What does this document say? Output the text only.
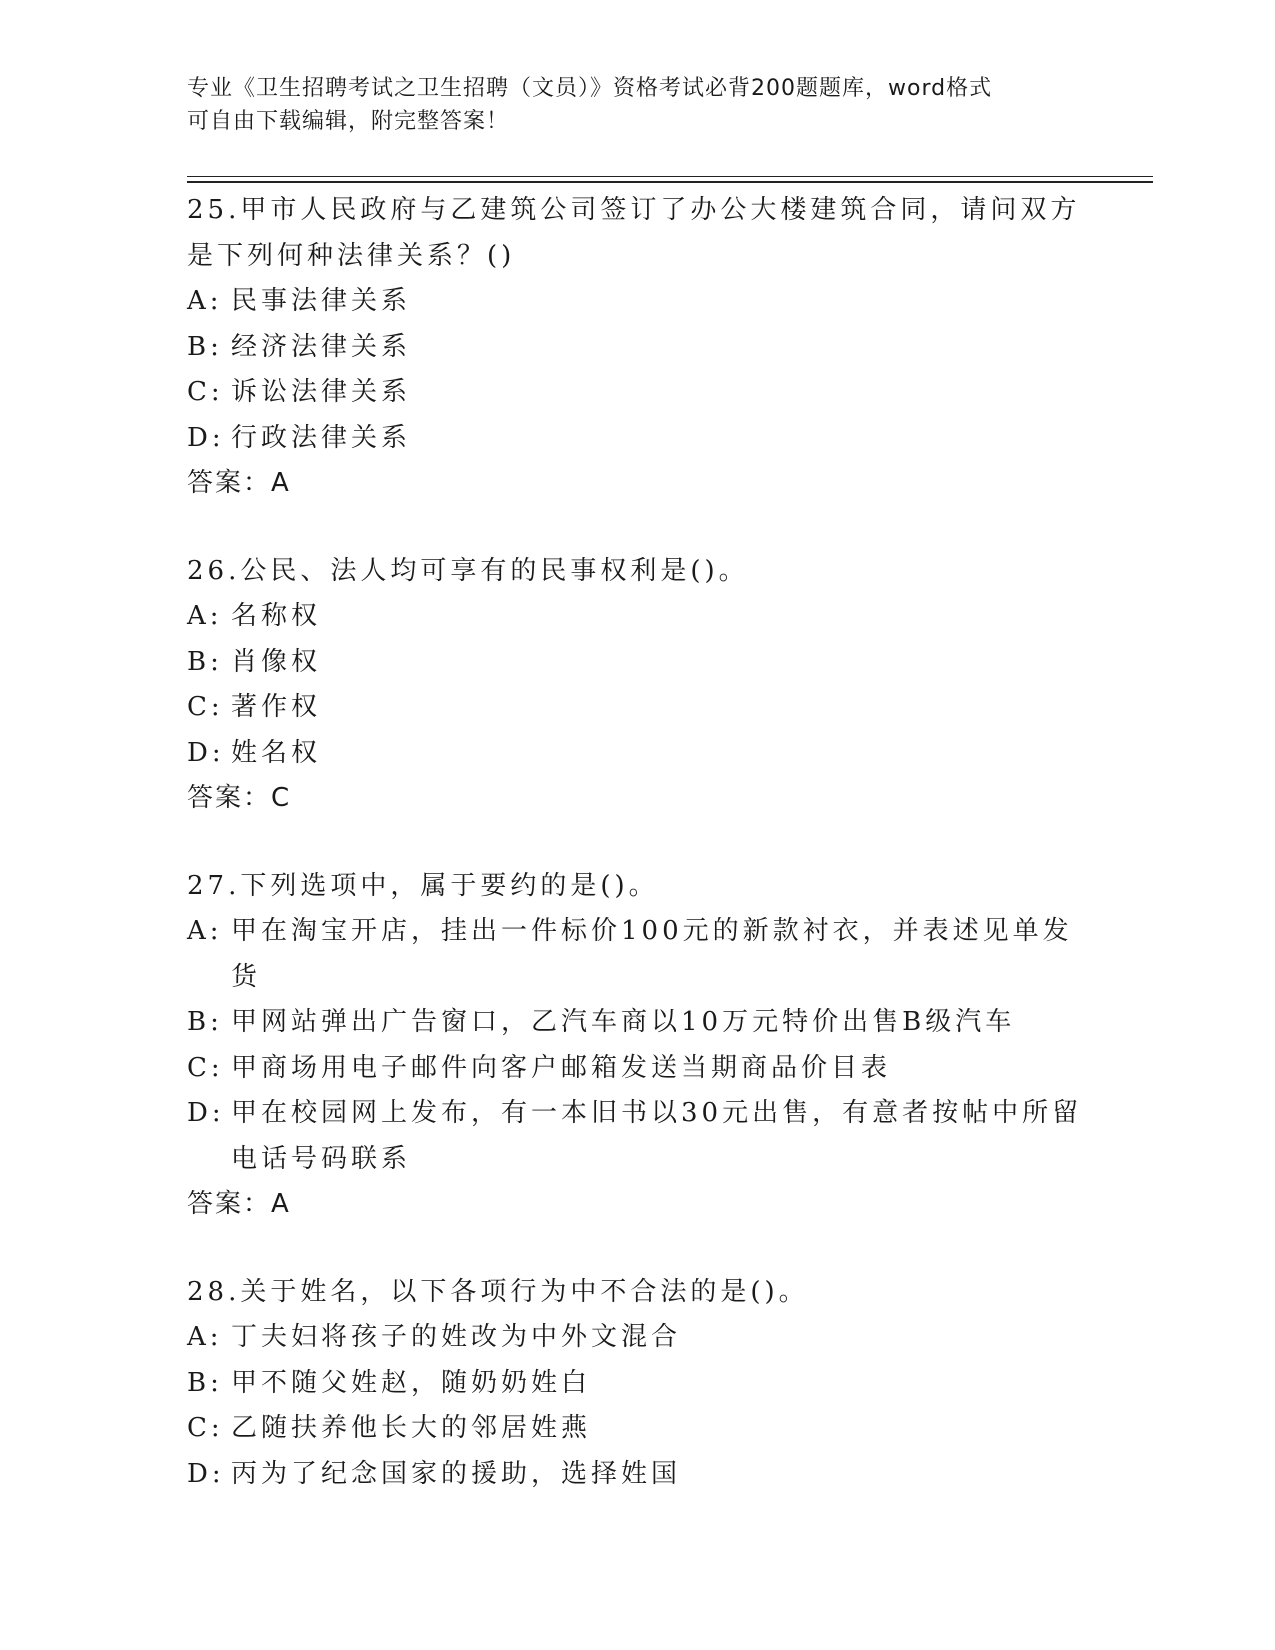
专业《卫生招聘考试之卫生招聘（文员）》资格考试必背200题题库，word格式
可自由下载编辑，附完整答案！
25.甲市人民政府与乙建筑公司签订了办公大楼建筑合同，请问双方是下列何种法律关系？()
A: 民事法律关系
B: 经济法律关系
C: 诉讼法律关系
D: 行政法律关系
答案：A
26.公民、法人均可享有的民事权利是()。
A: 名称权
B: 肖像权
C: 著作权
D: 姓名权
答案：C
27.下列选项中，属于要约的是()。
A: 甲在淘宝开店，挂出一件标价100元的新款衬衣，并表述见单发货
B: 甲网站弹出广告窗口，乙汽车商以10万元特价出售B级汽车
C: 甲商场用电子邮件向客户邮箱发送当期商品价目表
D: 甲在校园网上发布，有一本旧书以30元出售，有意者按帖中所留电话号码联系
答案：A
28.关于姓名，以下各项行为中不合法的是()。
A: 丁夫妇将孩子的姓改为中外文混合
B: 甲不随父姓赵，随奶奶姓白
C: 乙随扶养他长大的邻居姓燕
D: 丙为了纪念国家的援助，选择姓国
